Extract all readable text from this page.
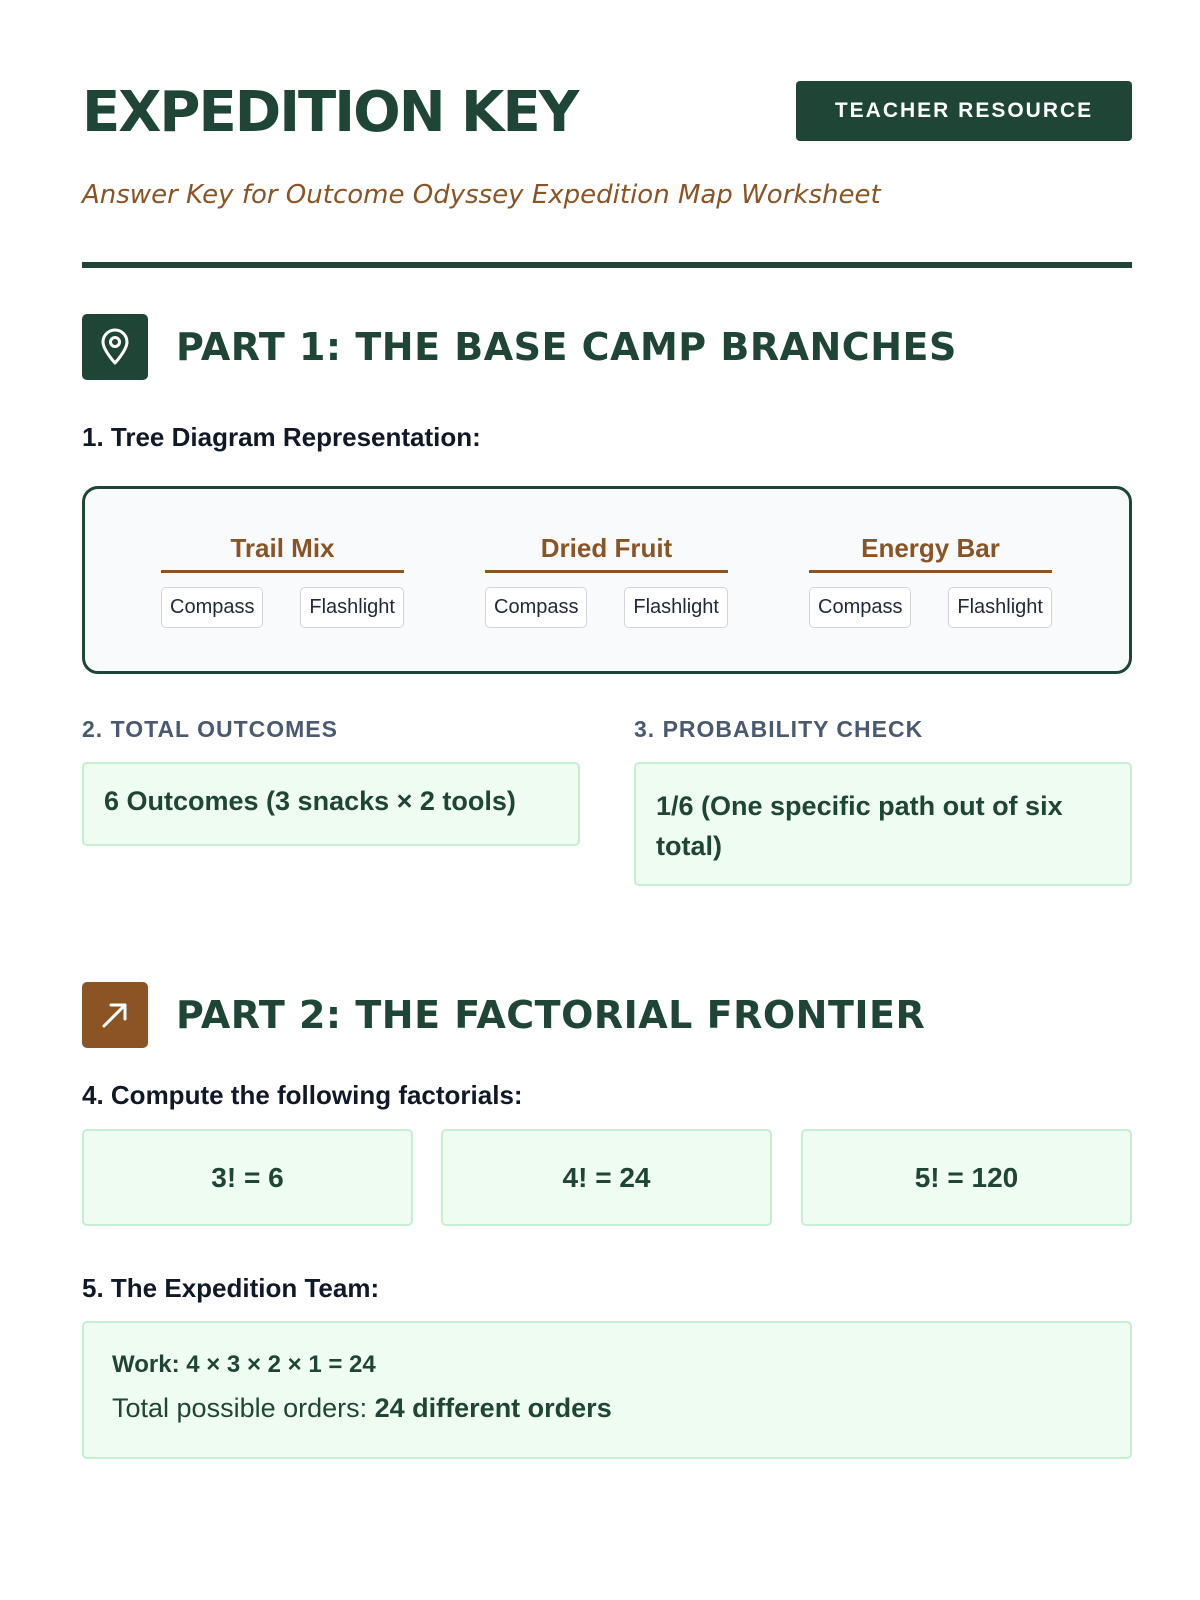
EXPEDITION KEY	TEACHER RESOURCE

Answer Key for Outcome Odyssey Expedition Map Worksheet

PART 1: THE BASE CAMP BRANCHES
1. Tree Diagram Representation:
Trail Mix
Compass	Flashlight
Dried Fruit
Compass	Flashlight
Energy Bar
Compass	Flashlight
2. TOTAL OUTCOMES	3. PROBABILITY CHECK
6 Outcomes (3 snacks × 2 tools)	1/6 (One specific path out of six total)
PART 2: THE FACTORIAL FRONTIER
4. Compute the following factorials:
3! = 6	4! = 24	5! = 120
5. The Expedition Team:
Work: 4 × 3 × 2 × 1 = 24
Total possible orders: 24 different orders
